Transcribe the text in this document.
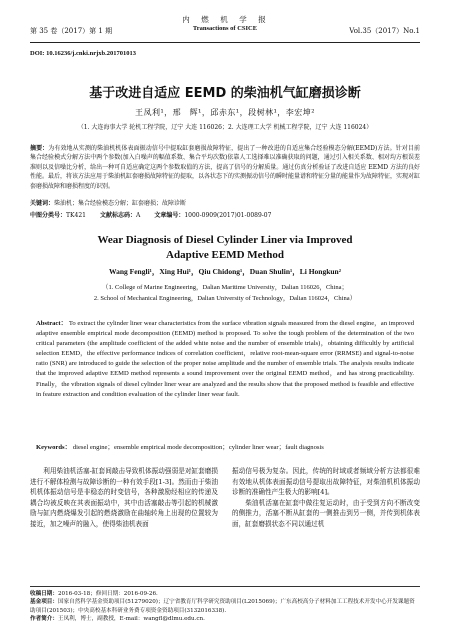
第 35 卷（2017）第 1 期
内　燃　机　学　报
Transactions of CSICE	Vol.35（2017）No.1
DOI: 10.16236/j.cnki.nrjxb.201701013
基于改进自适应 EEMD 的柴油机气缸磨损诊断
王凤利¹，邢　辉¹，邱赤东¹，段树林¹，李宏坤²
（1. 大连海事大学 轮机工程学院，辽宁 大连 116026；2. 大连理工大学 机械工程学院，辽宁 大连 116024）
摘要：为有效地从实测的柴油机机体表面振动信号中提取缸套磨损故障特征，提出了一种改进的自适应集合经验模态分解(EEMD)方法。针对目前集合经验模式分解方法中两个参数(加入白噪声的幅值系数、集合平均次数)依靠人工选择难以准确获取的问题，通过引入相关系数、相对均方根误差准则以及信噪比分析，给出一种可自适应确定这两个参数取值的方法，提高了信号的分解质量。通过仿真分析验证了改进自适应 EEMD 方法的良好性能。最后，将该方法应用于柴油机缸套磨损故障特征的提取，以各状态下的实测振动信号的瞬时能量谱和特征分量的能量作为故障特征，实现对缸套磨损故障和磨损程度的识别。
关键词：柴油机；集合经验模态分解；缸套磨损；故障诊断
中图分类号：TK421 文献标志码：A 文章编号：1000-0909(2017)01-0089-07
Wear Diagnosis of Diesel Cylinder Liner via Improved
Adaptive EEMD Method
Wang Fengli¹，Xing Hui¹，Qiu Chidong¹，Duan Shulin¹，Li Hongkun²
（1. College of Marine Engineering，Dalian Maritime University，Dalian 116026，China；
2. School of Mechanical Engineering，Dalian University of Technology，Dalian 116024，China）
Abstract： To extract the cylinder liner wear characteristics from the surface vibration signals measured from the diesel engine，an improved adaptive ensemble empirical mode decomposition (EEMD) method is proposed. To solve the tough problem of the determination of the two critical parameters (the amplitude coefficient of the added white noise and the number of ensemble trials)，obtaining difficultly by artificial selection EEMD，the effective performance indices of correlation coefficient，relative root-mean-square error (RRMSE) and signal-to-noise ratio (SNR) are introduced to guide the selection of the proper noise amplitude and the number of ensemble trials. The analysis results indicate that the improved adaptive EEMD method represents a sound improvement over the original EEMD method，and has strong practicability. Finally，the vibration signals of diesel cylinder liner wear are analyzed and the results show that the proposed method is feasible and effective in feature extraction and condition evaluation of the cylinder liner wear fault.
Keywords： diesel engine；ensemble empirical mode decomposition；cylinder liner wear；fault diagnosis

利用柴油机活塞-缸套间敲击导致机体振动强弱是对缸套磨损进行不解体检测与故障诊断的一种有效手段[1-3]。然而由于柴油机机体振动信号是非稳态的时变信号，各种激励经相应的传递及耦合均被反映在其表面振动中，其中由活塞敲击等引起的机械激励与缸内燃烧爆发引起的燃烧激励在曲轴转角上出现的位置较为接近，加之噪声的融入，使得柴油机表面

振动信号极为复杂。因此，传统的时域或者频域分析方法都很难有效地从机体表面振动信号提取出故障特征，对柴油机机体振动诊断的准确性产生极大的影响[4]。

柴油机活塞在缸套中做往复运动时，由于受到方向不断改变的侧推力，活塞不断从缸套的一侧推击到另一侧，并传到机体表面，缸套磨损状态不同以通过机

收稿日期：2016-03-18；修回日期：2016-09-26.
基金项目：国家自然科学基金资助项目(51279020)；辽宁省教育厅科学研究资助项目(L2015069)；广东高校高分子材料加工工程技术开发中心开发课题资助项目(201503)；中央高校基本科研业务费专项资金资助项目(3132016338).
作者简介：王凤利，博士，副教授，E-mail：wangfl@dlmu.edu.cn.
